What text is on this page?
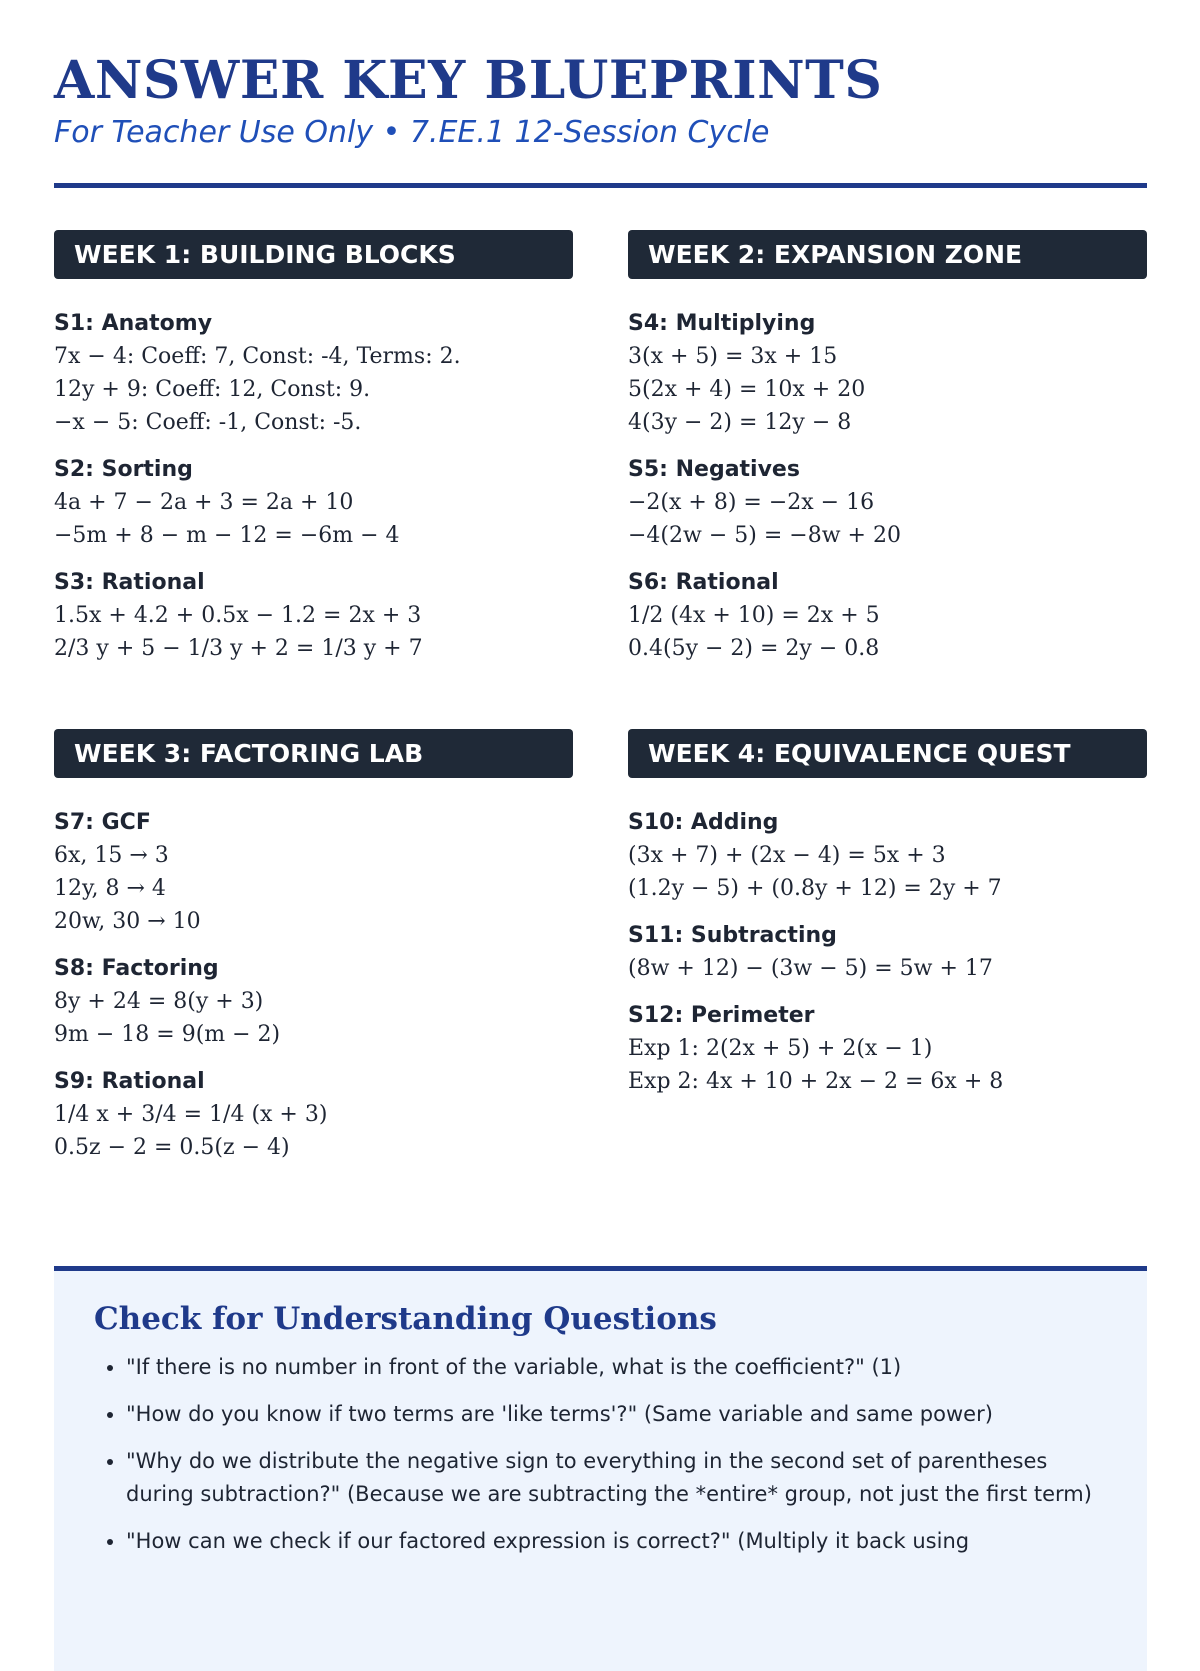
ANSWER KEY BLUEPRINTS
For Teacher Use Only • 7.EE.1 12-Session Cycle
WEEK 1: BUILDING BLOCKS
S1: Anatomy
7x − 4: Coeff: 7, Const: -4, Terms: 2.
12y + 9: Coeff: 12, Const: 9.
−x − 5: Coeff: -1, Const: -5.
S2: Sorting
4a + 7 − 2a + 3 = 2a + 10
−5m + 8 − m − 12 = −6m − 4
S3: Rational
1.5x + 4.2 + 0.5x − 1.2 = 2x + 3
2/3 y + 5 − 1/3 y + 2 = 1/3 y + 7
WEEK 2: EXPANSION ZONE
S4: Multiplying
3(x + 5) = 3x + 15
5(2x + 4) = 10x + 20
4(3y − 2) = 12y − 8
S5: Negatives
−2(x + 8) = −2x − 16
−4(2w − 5) = −8w + 20
S6: Rational
1/2 (4x + 10) = 2x + 5
0.4(5y − 2) = 2y − 0.8
WEEK 3: FACTORING LAB
S7: GCF
6x, 15 → 3
12y, 8 → 4
20w, 30 → 10
S8: Factoring
8y + 24 = 8(y + 3)
9m − 18 = 9(m − 2)
S9: Rational
1/4 x + 3/4 = 1/4 (x + 3)
0.5z − 2 = 0.5(z − 4)
WEEK 4: EQUIVALENCE QUEST
S10: Adding
(3x + 7) + (2x − 4) = 5x + 3
(1.2y − 5) + (0.8y + 12) = 2y + 7
S11: Subtracting
(8w + 12) − (3w − 5) = 5w + 17
S12: Perimeter
Exp 1: 2(2x + 5) + 2(x − 1)
Exp 2: 4x + 10 + 2x − 2 = 6x + 8
Check for Understanding Questions
• "If there is no number in front of the variable, what is the coefficient?" (1)
• "How do you know if two terms are 'like terms'?" (Same variable and same power)
• "Why do we distribute the negative sign to everything in the second set of parentheses during subtraction?" (Because we are subtracting the *entire* group, not just the first term)
• "How can we check if our factored expression is correct?" (Multiply it back using
